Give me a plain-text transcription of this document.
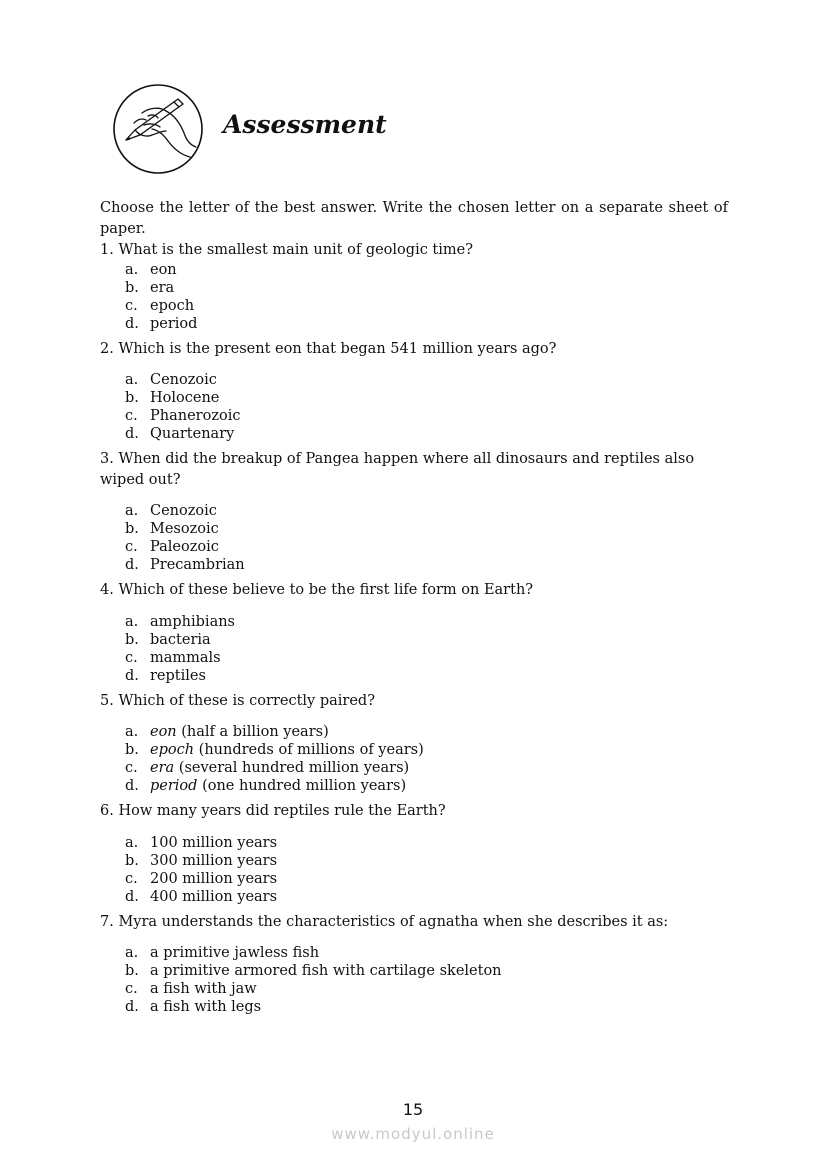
Assessment

Choose the letter of the best answer. Write the chosen letter on a separate sheet of paper.

1. What is the smallest main unit of geologic time?

a. eon
b. era
c. epoch
d. period

2. Which is the present eon that began 541 million years ago?

a. Cenozoic
b. Holocene
c. Phanerozoic
d. Quartenary

3. When did the breakup of Pangea happen where all dinosaurs and reptiles also wiped out?

a. Cenozoic
b. Mesozoic
c. Paleozoic
d. Precambrian

4. Which of these believe to be the first life form on Earth?

a. amphibians
b. bacteria
c. mammals
d. reptiles

5. Which of these is correctly paired?

a. eon (half a billion years)
b. epoch (hundreds of millions of years)
c. era (several hundred million years)
d. period (one hundred million years)

6. How many years did reptiles rule the Earth?

a. 100 million years
b. 300 million years
c. 200 million years
d. 400 million years

7. Myra understands the characteristics of agnatha when she describes it as:

a. a primitive jawless fish
b. a primitive armored fish with cartilage skeleton
c. a fish with jaw
d. a fish with legs
15
www.modyul.online
